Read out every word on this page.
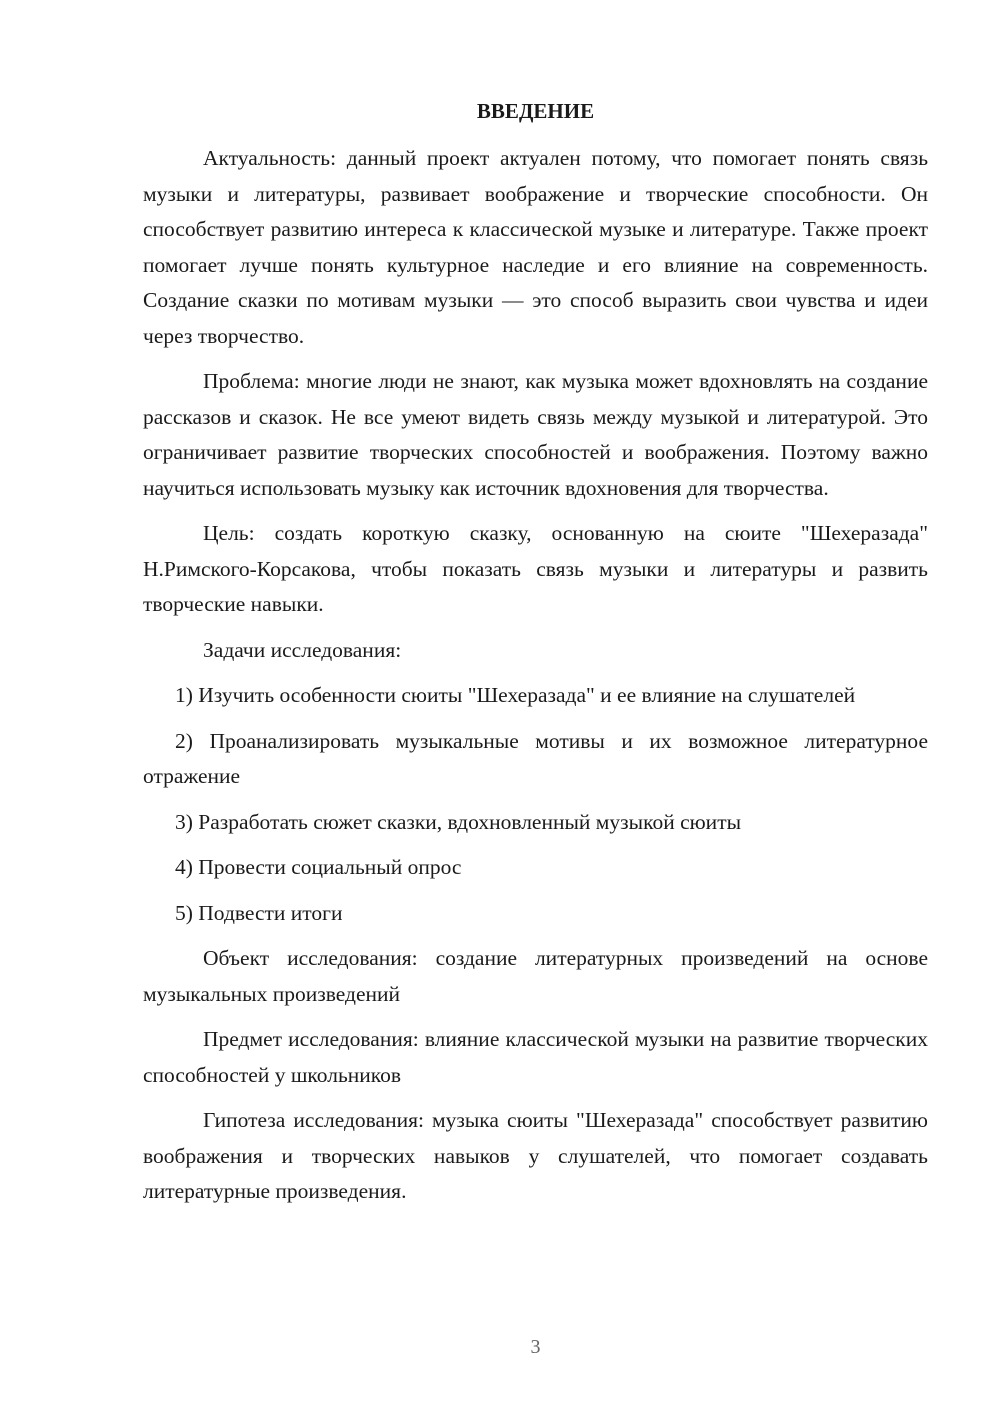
ВВЕДЕНИЕ

Актуальность: данный проект актуален потому, что помогает понять связь музыки и литературы, развивает воображение и творческие способности. Он способствует развитию интереса к классической музыке и литературе. Также проект помогает лучше понять культурное наследие и его влияние на современность. Создание сказки по мотивам музыки — это способ выразить свои чувства и идеи через творчество.

Проблема: многие люди не знают, как музыка может вдохновлять на создание рассказов и сказок. Не все умеют видеть связь между музыкой и литературой. Это ограничивает развитие творческих способностей и воображения. Поэтому важно научиться использовать музыку как источник вдохновения для творчества.

Цель: создать короткую сказку, основанную на сюите "Шехеразада" Н.Римского-Корсакова, чтобы показать связь музыки и литературы и развить творческие навыки.

Задачи исследования:

1) Изучить особенности сюиты "Шехеразада" и ее влияние на слушателей

2) Проанализировать музыкальные мотивы и их возможное литературное отражение

3) Разработать сюжет сказки, вдохновленный музыкой сюиты

4) Провести социальный опрос

5) Подвести итоги

Объект исследования: создание литературных произведений на основе музыкальных произведений

Предмет исследования: влияние классической музыки на развитие творческих способностей у школьников

Гипотеза исследования: музыка сюиты "Шехеразада" способствует развитию воображения и творческих навыков у слушателей, что помогает создавать литературные произведения.

3
